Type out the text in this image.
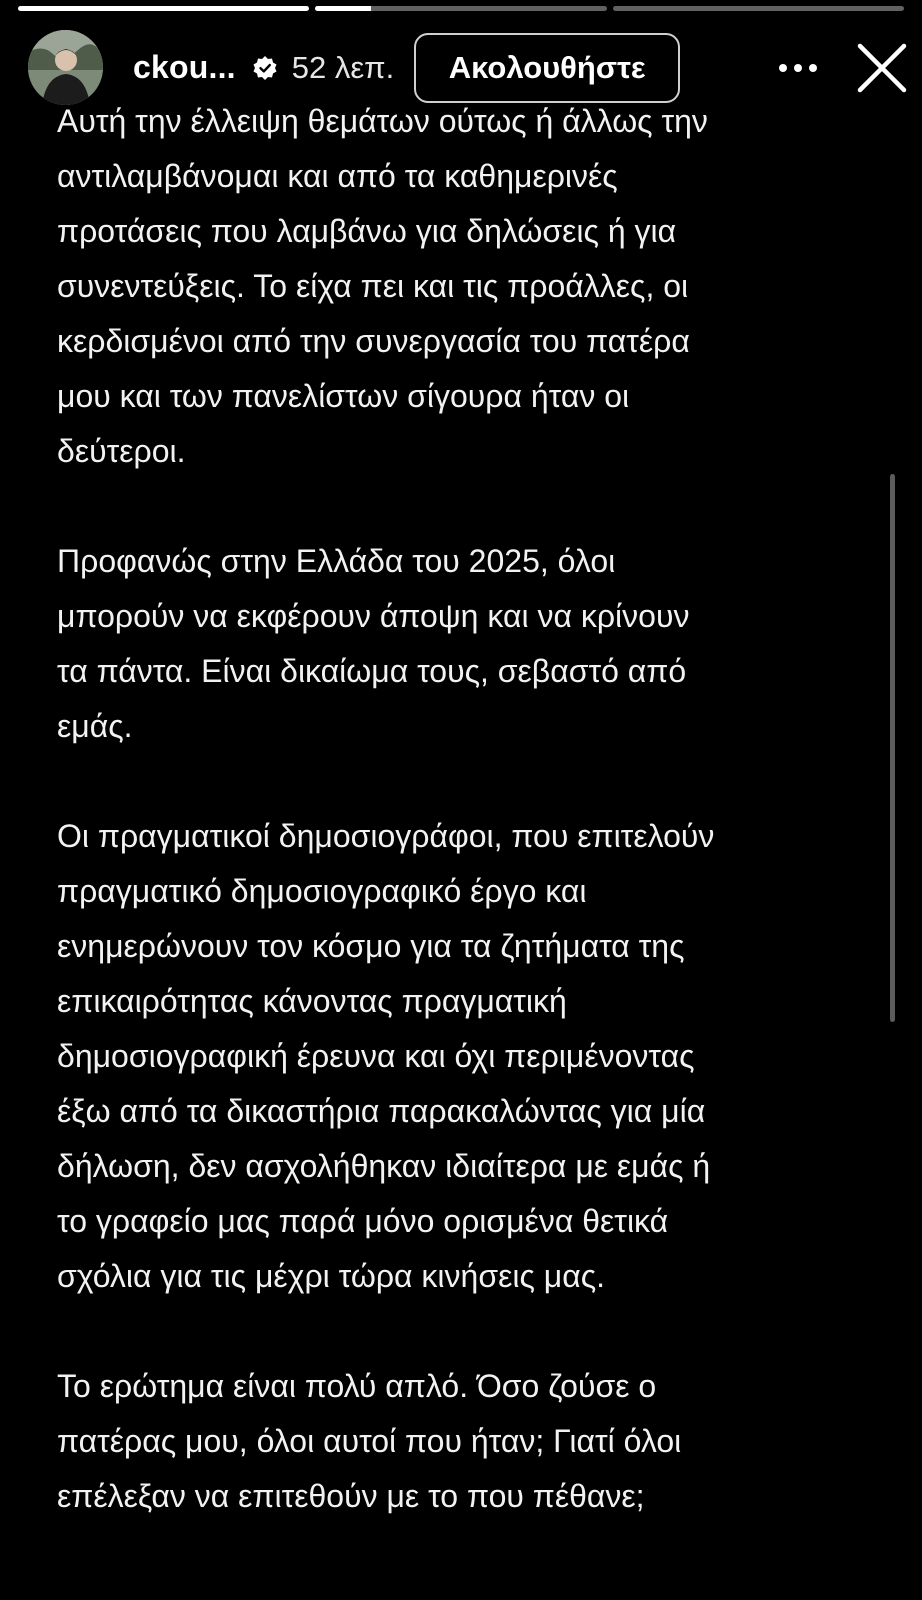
ckou... 52 λεπ.	Ακολουθήστε
Αυτή την έλλειψη θεμάτων ούτως ή άλλως την
αντιλαμβάνομαι και από τα καθημερινές
προτάσεις που λαμβάνω για δηλώσεις ή για
συνεντεύξεις. Το είχα πει και τις προάλλες, οι
κερδισμένοι από την συνεργασία του πατέρα
μου και των πανελίστων σίγουρα ήταν οι
δεύτεροι.
Προφανώς στην Ελλάδα του 2025, όλοι
μπορούν να εκφέρουν άποψη και να κρίνουν
τα πάντα. Είναι δικαίωμα τους, σεβαστό από
εμάς.
Οι πραγματικοί δημοσιογράφοι, που επιτελούν
πραγματικό δημοσιογραφικό έργο και
ενημερώνουν τον κόσμο για τα ζητήματα της
επικαιρότητας κάνοντας πραγματική
δημοσιογραφική έρευνα και όχι περιμένοντας
έξω από τα δικαστήρια παρακαλώντας για μία
δήλωση, δεν ασχολήθηκαν ιδιαίτερα με εμάς ή
το γραφείο μας παρά μόνο ορισμένα θετικά
σχόλια για τις μέχρι τώρα κινήσεις μας.
Το ερώτημα είναι πολύ απλό. Όσο ζούσε ο
πατέρας μου, όλοι αυτοί που ήταν; Γιατί όλοι
επέλεξαν να επιτεθούν με το που πέθανε;
